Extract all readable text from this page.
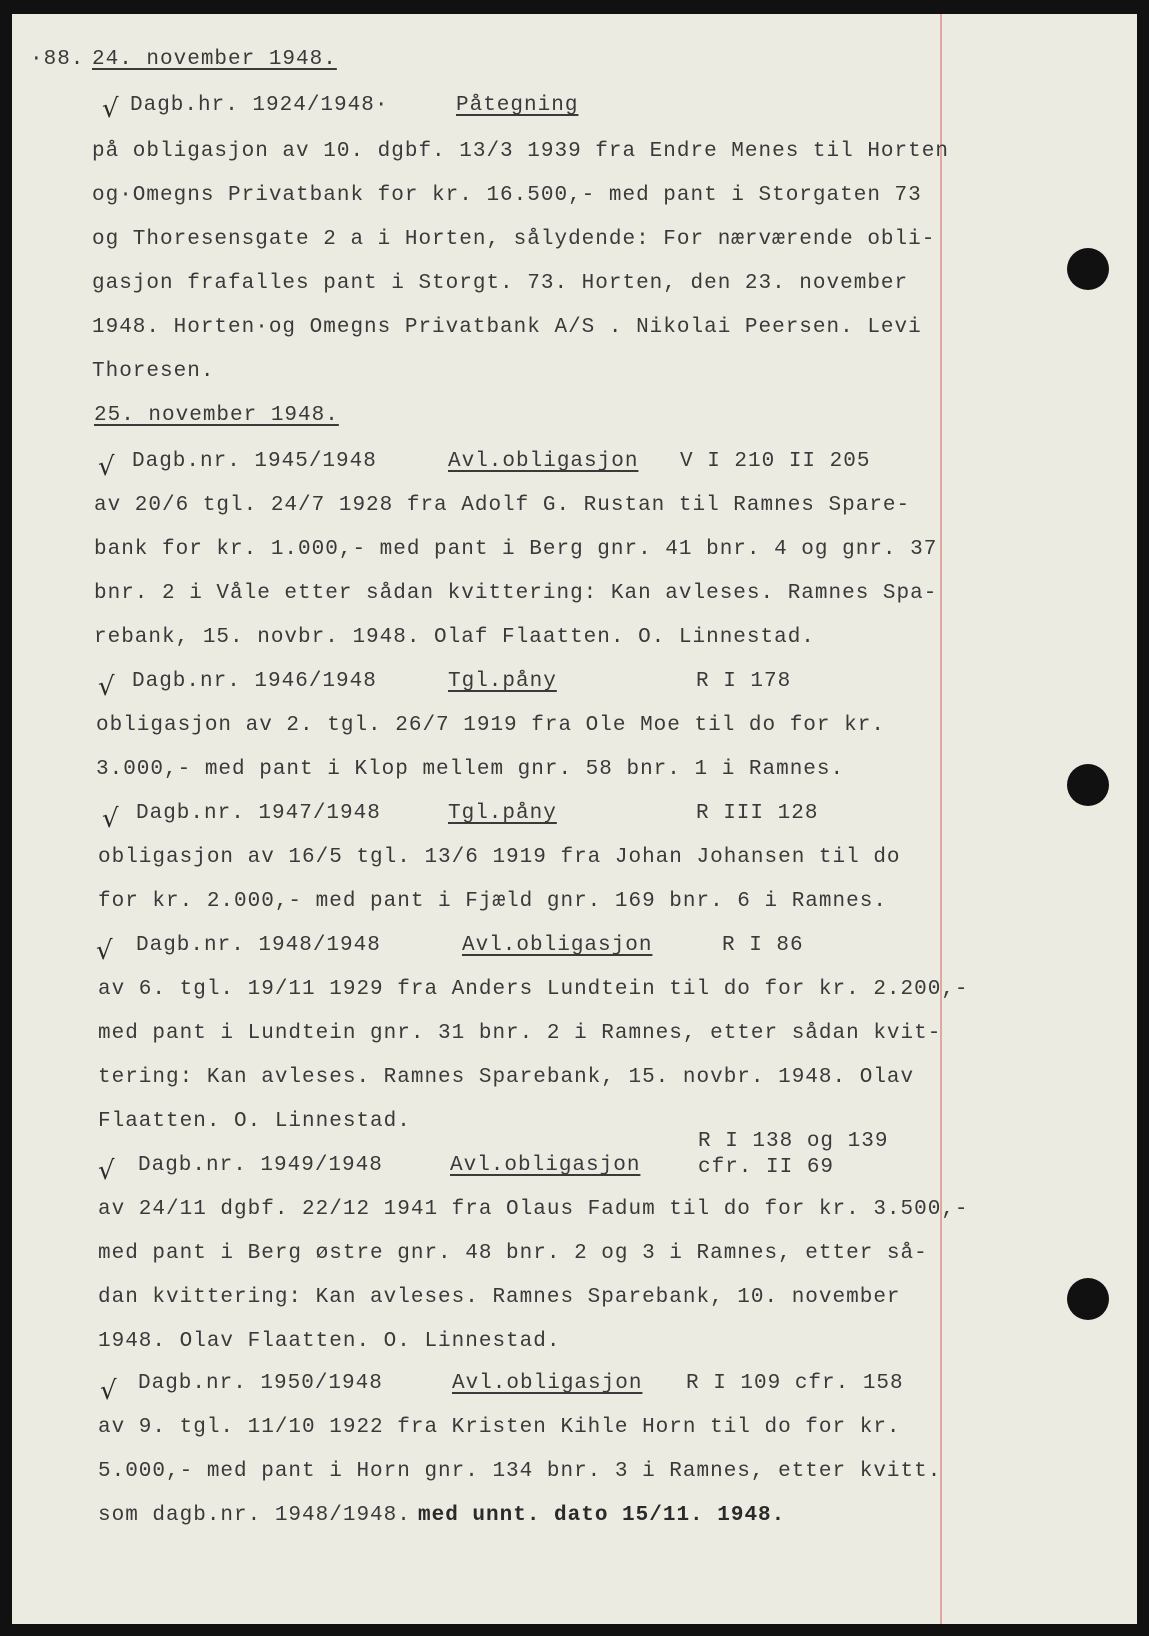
·88. 24. november 1948.
√ Dagb.hr. 1924/1948·	Påtegning
på obligasjon av 10. dgbf. 13/3 1939 fra Endre Menes til Horten
og·Omegns Privatbank for kr. 16.500,- med pant i Storgaten 73
og Thoresensgate 2 a i Horten, sålydende: For nærværende obli-
gasjon frafalles pant i Storgt. 73. Horten, den 23. november
1948. Horten·og Omegns Privatbank A/S . Nikolai Peersen. Levi
Thoresen.
25. november 1948.
√ Dagb.nr. 1945/1948	Avl.obligasjon V I 210 II 205
av 20/6 tgl. 24/7 1928 fra Adolf G. Rustan til Ramnes Spare-
bank for kr. 1.000,- med pant i Berg gnr. 41 bnr. 4 og gnr. 37
bnr. 2 i Våle etter sådan kvittering: Kan avleses. Ramnes Spa-
rebank, 15. novbr. 1948. Olaf Flaatten. O. Linnestad.
√ Dagb.nr. 1946/1948	Tgl.påny	R I 178
obligasjon av 2. tgl. 26/7 1919 fra Ole Moe til do for kr.
3.000,- med pant i Klop mellem gnr. 58 bnr. 1 i Ramnes.
√ Dagb.nr. 1947/1948	Tgl.påny	R III 128
obligasjon av 16/5 tgl. 13/6 1919 fra Johan Johansen til do
for kr. 2.000,- med pant i Fjæld gnr. 169 bnr. 6 i Ramnes.
√ Dagb.nr. 1948/1948	Avl.obligasjon	R I 86
av 6. tgl. 19/11 1929 fra Anders Lundtein til do for kr. 2.200,-
med pant i Lundtein gnr. 31 bnr. 2 i Ramnes, etter sådan kvit-
tering: Kan avleses. Ramnes Sparebank, 15. novbr. 1948. Olav
Flaatten. O. Linnestad.
R I 138 og 139
cfr. II 69
√ Dagb.nr. 1949/1948	Avl.obligasjon
av 24/11 dgbf. 22/12 1941 fra Olaus Fadum til do for kr. 3.500,-
med pant i Berg østre gnr. 48 bnr. 2 og 3 i Ramnes, etter så-
dan kvittering: Kan avleses. Ramnes Sparebank, 10. november
1948. Olav Flaatten. O. Linnestad.
√ Dagb.nr. 1950/1948	Avl.obligasjon R I 109 cfr. 158
av 9. tgl. 11/10 1922 fra Kristen Kihle Horn til do for kr.
5.000,- med pant i Horn gnr. 134 bnr. 3 i Ramnes, etter kvitt.
som dagb.nr. 1948/1948. med unnt. dato 15/11. 1948.
